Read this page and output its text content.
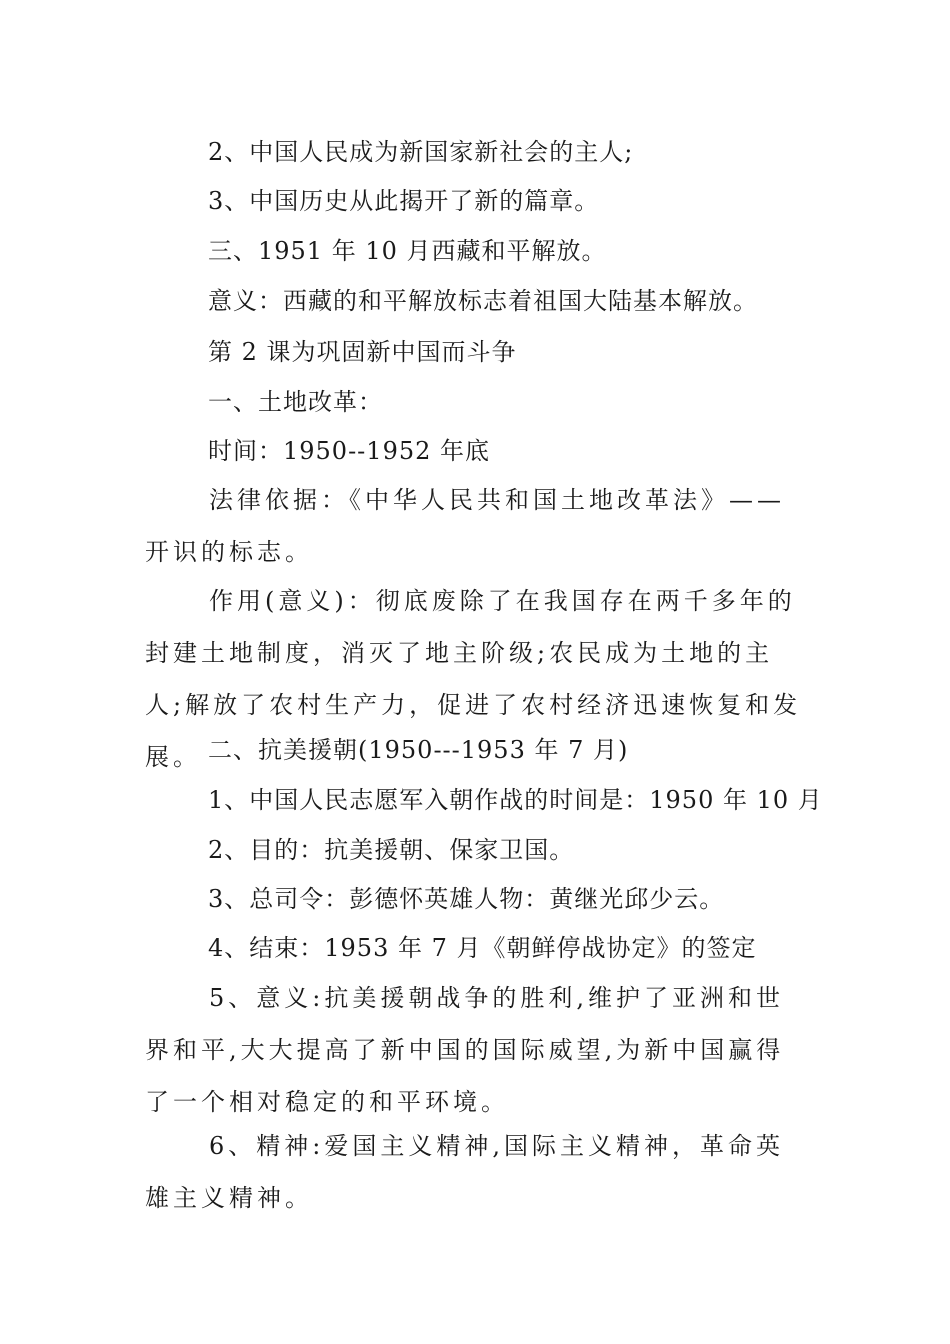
2、中国人民成为新国家新社会的主人;
3、中国历史从此揭开了新的篇章。
三、1951 年 10 月西藏和平解放。
意义：西藏的和平解放标志着祖国大陆基本解放。
第 2 课为巩固新中国而斗争
一、土地改革：
时间：1950--1952 年底
法律依据：《中华人民共和国土地改革法》——开识的标志。
作用(意义)：彻底废除了在我国存在两千多年的封建土地制度，消灭了地主阶级;农民成为土地的主人;解放了农村生产力，促进了农村经济迅速恢复和发展。 二、抗美援朝(1950---1953 年 7 月)
1、中国人民志愿军入朝作战的时间是：1950 年 10 月
2、目的：抗美援朝、保家卫国。
3、总司令：彭德怀英雄人物：黄继光邱少云。
4、结束：1953 年 7 月《朝鲜停战协定》的签定
5、意义:抗美援朝战争的胜利,维护了亚洲和世界和平,大大提高了新中国的国际威望,为新中国赢得了一个相对稳定的和平环境。
6、精神:爱国主义精神,国际主义精神，革命英雄主义精神。
